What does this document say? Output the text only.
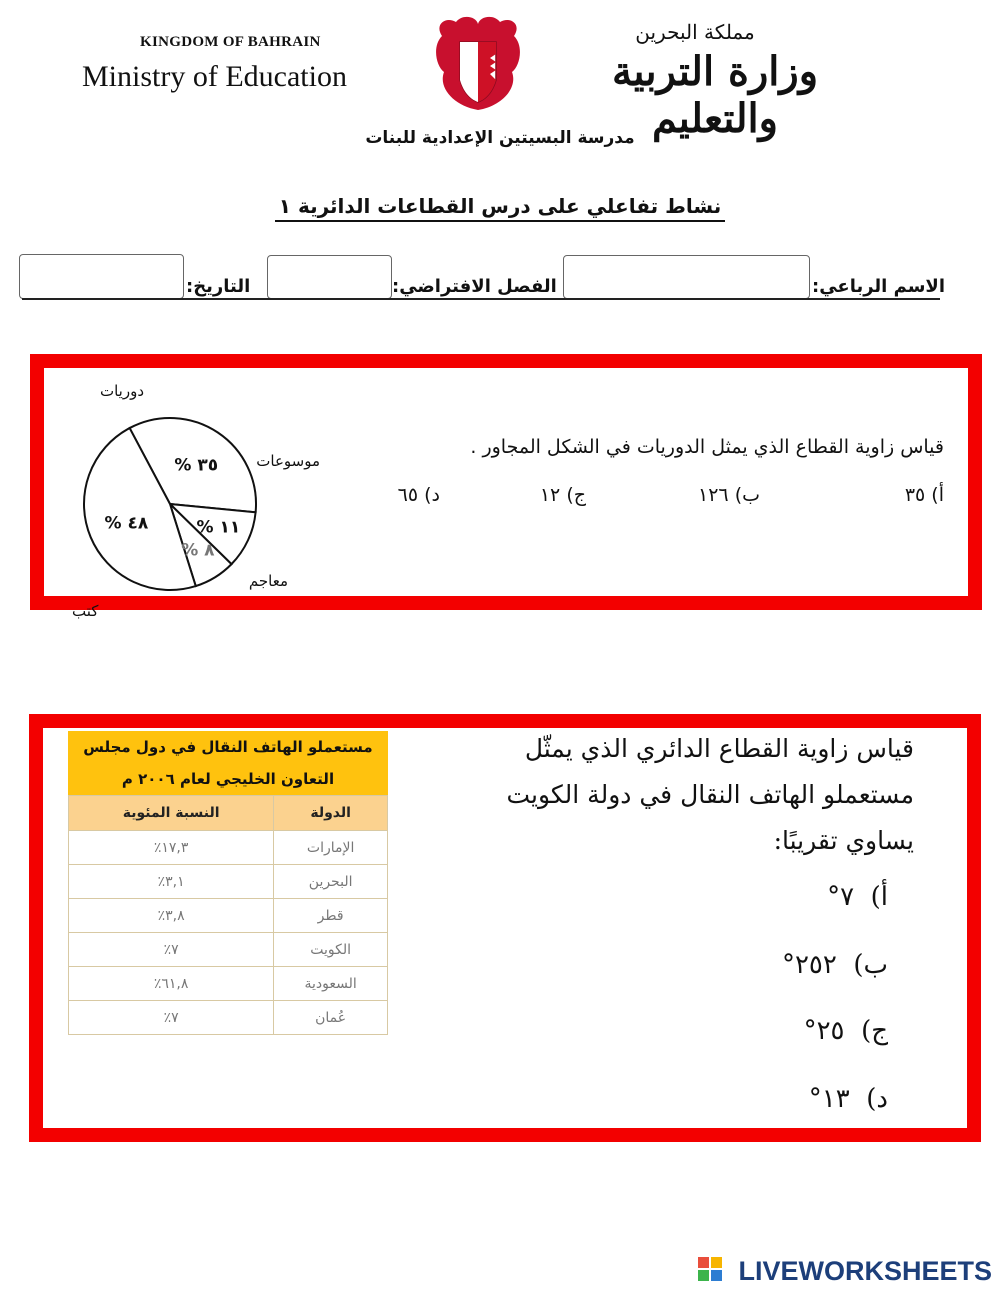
KINGDOM OF BAHRAIN
Ministry of Education
مملكة البحرين
وزارة التربية والتعليم
مدرسة البسيتين الإعدادية للبنات
نشاط تفاعلي على درس القطاعات الدائرية ١
الاسم الرباعي:
الفصل الافتراضي:
التاريخ:
٣٥ %
دوريات
١١ %
موسوعات
٨ %
معاجم
٤٨ %
كتب
قياس زاوية القطاع الذي يمثل الدوريات في الشكل المجاور .
أ) ٣٥
ب) ١٢٦
ج) ١٢
د) ٦٥
مستعملو الهاتف النقال في دول مجلس
التعاون الخليجي لعام ٢٠٠٦ م
النسبة المئوية	الدولة
١٧,٣٪	الإمارات
٣,١٪	البحرين
٣,٨٪	قطر
٧٪	الكويت
٦١,٨٪	السعودية
٧٪	عُمان
قياس زاوية القطاع الدائري الذي يمثّل
مستعملو الهاتف النقال في دولة الكويت
يساوي تقريبًا:
أ)  ٧°
ب)  ٢٥٢°
ج)  ٢٥°
د)  ١٣°
LIVEWORKSHEETS
